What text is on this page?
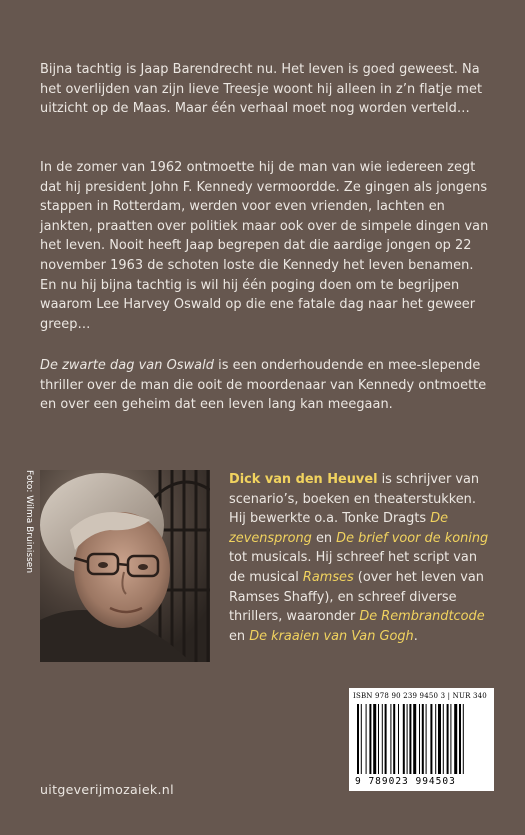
Bijna tachtig is Jaap Barendrecht nu. Het leven is goed geweest. Na het overlijden van zijn lieve Treesje woont hij alleen in z’n flatje met uitzicht op de Maas. Maar één verhaal moet nog worden verteld…

In de zomer van 1962 ontmoette hij de man van wie iedereen zegt dat hij president John F. Kennedy vermoordde. Ze gingen als jongens stappen in Rotterdam, werden voor even vrienden, lachten en jankten, praatten over politiek maar ook over de simpele dingen van het leven. Nooit heeft Jaap begrepen dat die aardige jongen op 22 november 1963 de schoten loste die Kennedy het leven benamen. En nu hij bijna tachtig is wil hij één poging doen om te begrijpen waarom Lee Harvey Oswald op die ene fatale dag naar het geweer greep…

De zwarte dag van Oswald is een onderhoudende en mee-slepende thriller over de man die ooit de moordenaar van Kennedy ontmoette en over een geheim dat een leven lang kan meegaan.

Foto: Wilma Bruinissen	Dick van den Heuvel is schrijver van scenario’s, boeken en theaterstukken. Hij bewerkte o.a. Tonke Dragts De zevensprong en De brief voor de koning tot musicals. Hij schreef het script van de musical Ramses (over het leven van Ramses Shaffy), en schreef diverse thrillers, waaronder De Rembrandtcode en De kraaien van Van Gogh.

ISBN 978 90 239 9450 3 | NUR 340
9 789023 994503
uitgeverijmozaiek.nl
